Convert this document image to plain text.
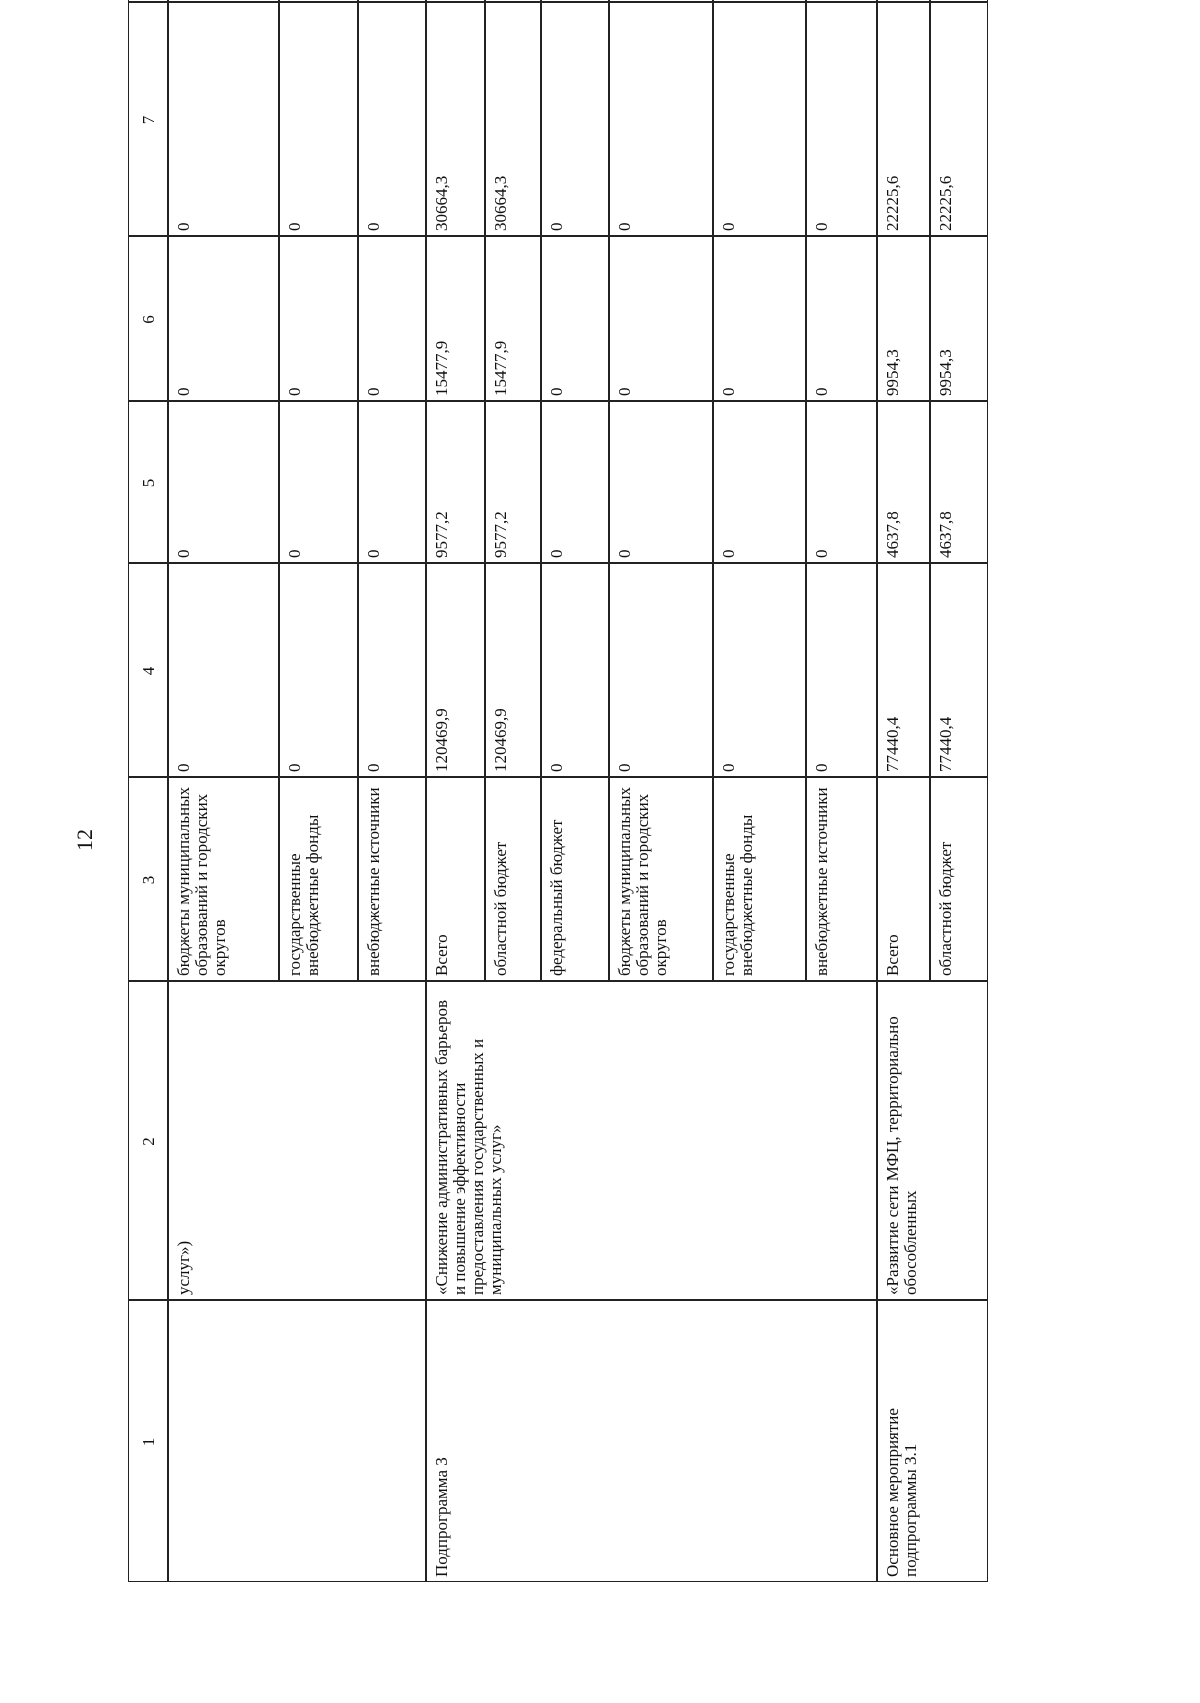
12
1
2
3
4
5
6
7
услуг»)
Подпрограмма 3
«Снижение административных барьеров и повышение эффективности предоставления государственных и муниципальных услуг»
Основное мероприятие подпрограммы 3.1
«Развитие сети МФЦ, территориально обособленных
бюджеты муниципальных образований и городских округов
0
0
0
0
государственные внебюджетные фонды
0
0
0
0
внебюджетные источники
0
0
0
0
Всего
120469,9
9577,2
15477,9
30664,3
областной бюджет
120469,9
9577,2
15477,9
30664,3
федеральный бюджет
0
0
0
0
бюджеты муниципальных образований и городских округов
0
0
0
0
государственные внебюджетные фонды
0
0
0
0
внебюджетные источники
0
0
0
0
Всего
77440,4
4637,8
9954,3
22225,6
областной бюджет
77440,4
4637,8
9954,3
22225,6
